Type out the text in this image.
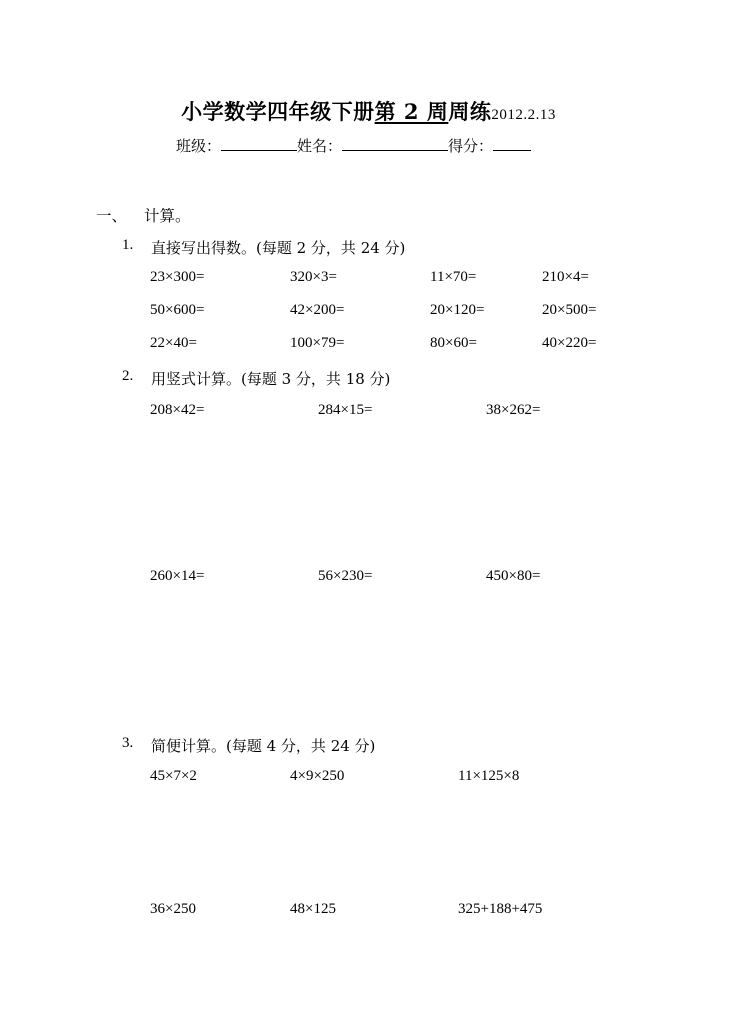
小学数学四年级下册第 2 周周练2012.2.13
班级：	姓名：	得分：
一、 计算。
1. 直接写出得数。(每题 2 分，共 24 分)
23×300=	320×3=	11×70=	210×4=
50×600=	42×200=	20×120=	20×500=
22×40=	100×79=	80×60=	40×220=
2. 用竖式计算。(每题 3 分，共 18 分)
208×42=	284×15=	38×262=
260×14=	56×230=	450×80=
3. 简便计算。(每题 4 分，共 24 分)
45×7×2	4×9×250	11×125×8
36×250	48×125	325+188+475
